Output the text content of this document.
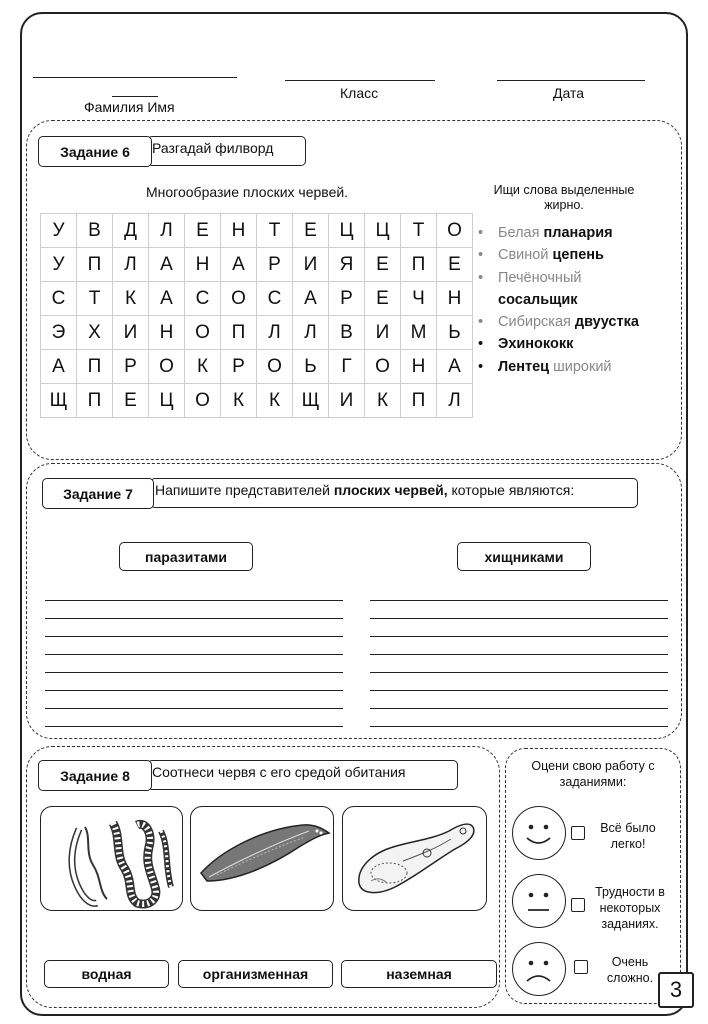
Фамилия Имя
Класс	Дата
Разгадай филворд
Задание 6
Многообразие плоских червей.	Ищи слова выделенные жирно.
У	В	Д	Л	Е	Н	Т	Е	Ц	Ц	Т	О
У	П	Л	А	Н	А	Р	И	Я	Е	П	Е
С	Т	К	А	С	О	С	А	Р	Е	Ч	Н
Э	Х	И	Н	О	П	Л	Л	В	И	М	Ь
А	П	Р	О	К	Р	О	Ь	Г	О	Н	А
Щ	П	Е	Ц	О	К	К	Щ	И	К	П	Л
•	Белая планария
•	Свиной цепень
•	Печёночный
сосальщик
•	Сибирская двуустка
•	Эхинококк
•	Лентец широкий
Напишите представителей плоских червей, которые являются:
Задание 7
паразитами	хищниками
Соотнеси червя с его средой обитания
Задание 8
водная	организменная	наземная
Оцени свою работу с заданиями:
Всё было легко!
Трудности в некоторых заданиях.
Очень сложно. 3
